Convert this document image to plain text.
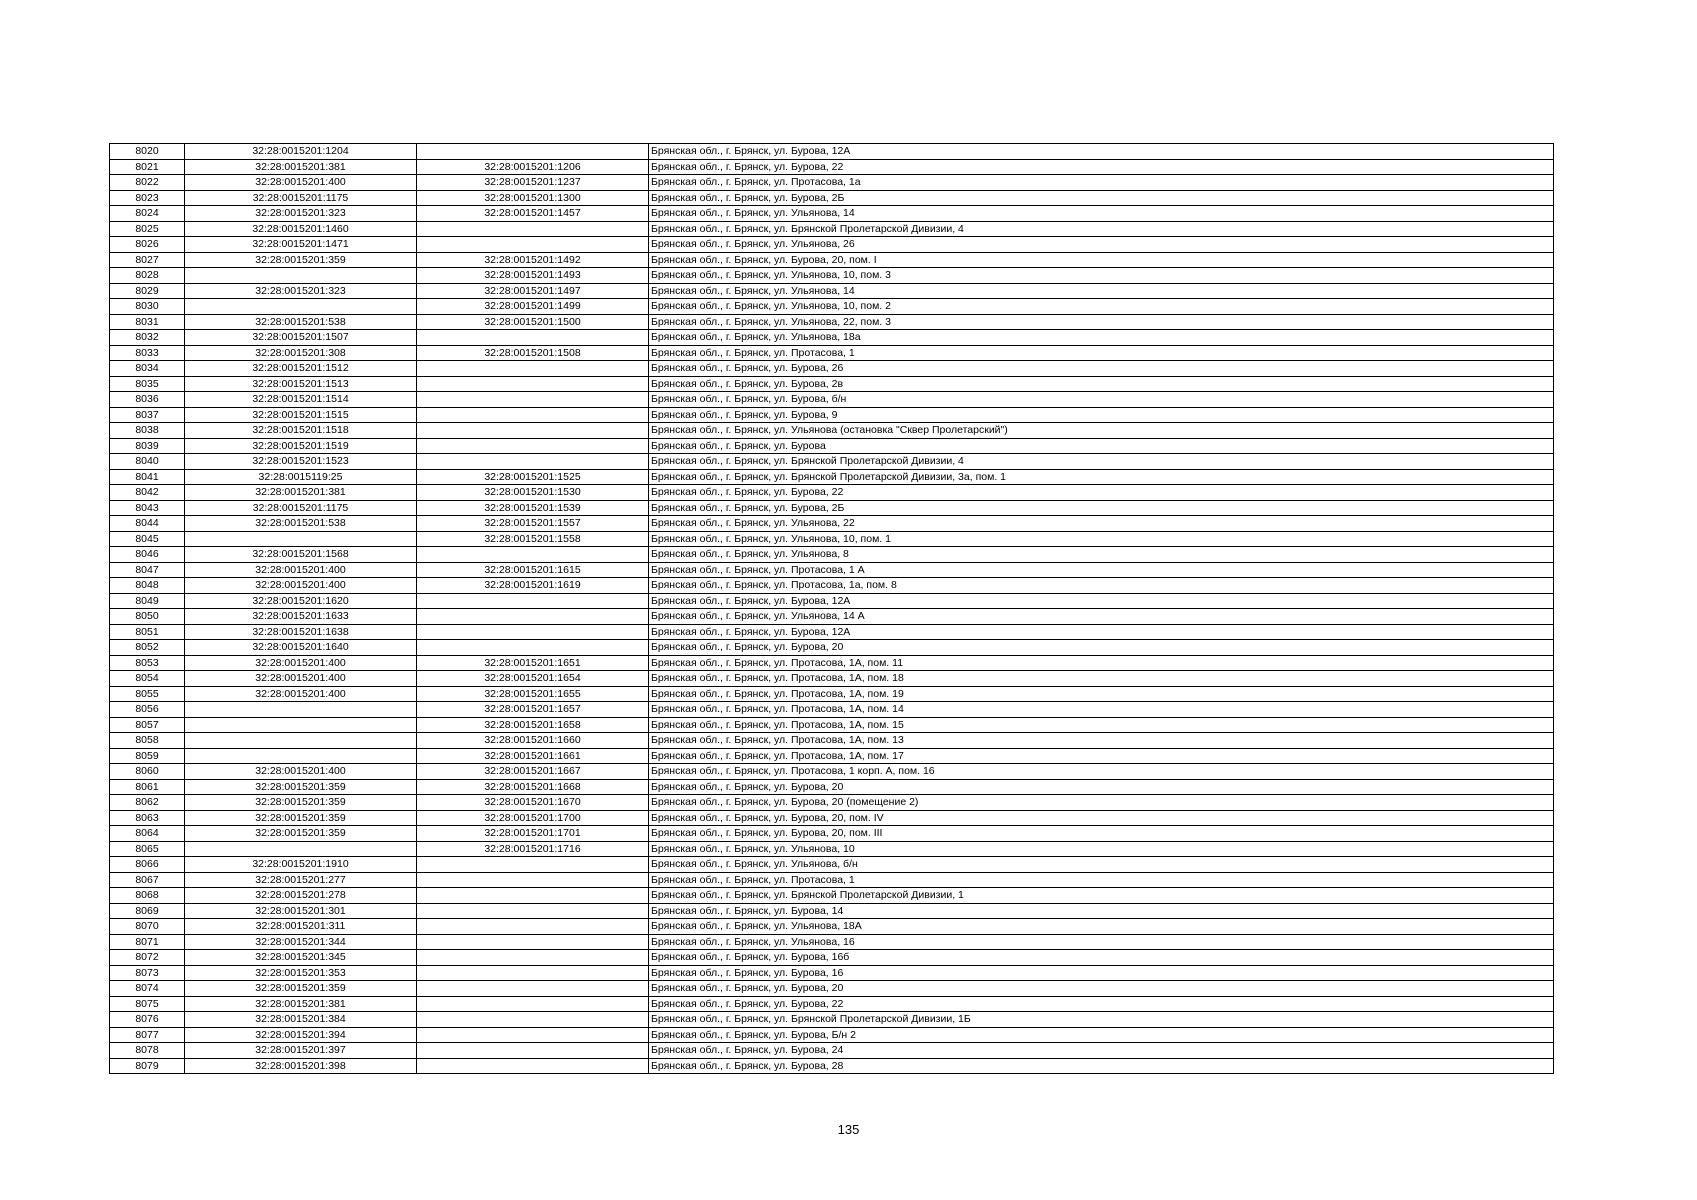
8020	32:28:0015201:1204		Брянская обл., г. Брянск, ул. Бурова, 12А
8021	32:28:0015201:381	32:28:0015201:1206	Брянская обл., г. Брянск, ул. Бурова, 22
8022	32:28:0015201:400	32:28:0015201:1237	Брянская обл., г. Брянск, ул. Протасова, 1а
8023	32:28:0015201:1175	32:28:0015201:1300	Брянская обл., г. Брянск, ул. Бурова, 2Б
8024	32:28:0015201:323	32:28:0015201:1457	Брянская обл., г. Брянск, ул. Ульянова, 14
8025	32:28:0015201:1460		Брянская обл., г. Брянск, ул. Брянской Пролетарской Дивизии, 4
8026	32:28:0015201:1471		Брянская обл., г. Брянск, ул. Ульянова, 26
8027	32:28:0015201:359	32:28:0015201:1492	Брянская обл., г. Брянск, ул. Бурова, 20, пом. I
8028		32:28:0015201:1493	Брянская обл., г. Брянск, ул. Ульянова, 10, пом. 3
8029	32:28:0015201:323	32:28:0015201:1497	Брянская обл., г. Брянск, ул. Ульянова, 14
8030		32:28:0015201:1499	Брянская обл., г. Брянск, ул. Ульянова, 10, пом. 2
8031	32:28:0015201:538	32:28:0015201:1500	Брянская обл., г. Брянск, ул. Ульянова, 22, пом. 3
8032	32:28:0015201:1507		Брянская обл., г. Брянск, ул. Ульянова, 18а
8033	32:28:0015201:308	32:28:0015201:1508	Брянская обл., г. Брянск, ул. Протасова, 1
8034	32:28:0015201:1512		Брянская обл., г. Брянск, ул. Бурова, 26
8035	32:28:0015201:1513		Брянская обл., г. Брянск, ул. Бурова, 2в
8036	32:28:0015201:1514		Брянская обл., г. Брянск, ул. Бурова, б/н
8037	32:28:0015201:1515		Брянская обл., г. Брянск, ул. Бурова, 9
8038	32:28:0015201:1518		Брянская обл., г. Брянск, ул. Ульянова (остановка "Сквер Пролетарский")
8039	32:28:0015201:1519		Брянская обл., г. Брянск, ул. Бурова
8040	32:28:0015201:1523		Брянская обл., г. Брянск, ул. Брянской Пролетарской Дивизии, 4
8041	32:28:0015119:25	32:28:0015201:1525	Брянская обл., г. Брянск, ул. Брянской Пролетарской Дивизии, 3а, пом. 1
8042	32:28:0015201:381	32:28:0015201:1530	Брянская обл., г. Брянск, ул. Бурова, 22
8043	32:28:0015201:1175	32:28:0015201:1539	Брянская обл., г. Брянск, ул. Бурова, 2Б
8044	32:28:0015201:538	32:28:0015201:1557	Брянская обл., г. Брянск, ул. Ульянова, 22
8045		32:28:0015201:1558	Брянская обл., г. Брянск, ул. Ульянова, 10, пом. 1
8046	32:28:0015201:1568		Брянская обл., г. Брянск, ул. Ульянова, 8
8047	32:28:0015201:400	32:28:0015201:1615	Брянская обл., г. Брянск, ул. Протасова, 1 А
8048	32:28:0015201:400	32:28:0015201:1619	Брянская обл., г. Брянск, ул. Протасова, 1а, пом. 8
8049	32:28:0015201:1620		Брянская обл., г. Брянск, ул. Бурова, 12А
8050	32:28:0015201:1633		Брянская обл., г. Брянск, ул. Ульянова, 14 А
8051	32:28:0015201:1638		Брянская обл., г. Брянск, ул. Бурова, 12А
8052	32:28:0015201:1640		Брянская обл., г. Брянск, ул. Бурова, 20
8053	32:28:0015201:400	32:28:0015201:1651	Брянская обл., г. Брянск, ул. Протасова, 1А, пом. 11
8054	32:28:0015201:400	32:28:0015201:1654	Брянская обл., г. Брянск, ул. Протасова, 1А, пом. 18
8055	32:28:0015201:400	32:28:0015201:1655	Брянская обл., г. Брянск, ул. Протасова, 1А, пом. 19
8056		32:28:0015201:1657	Брянская обл., г. Брянск, ул. Протасова, 1А, пом. 14
8057		32:28:0015201:1658	Брянская обл., г. Брянск, ул. Протасова, 1А, пом. 15
8058		32:28:0015201:1660	Брянская обл., г. Брянск, ул. Протасова, 1А, пом. 13
8059		32:28:0015201:1661	Брянская обл., г. Брянск, ул. Протасова, 1А, пом. 17
8060	32:28:0015201:400	32:28:0015201:1667	Брянская обл., г. Брянск, ул. Протасова, 1 корп. А, пом. 16
8061	32:28:0015201:359	32:28:0015201:1668	Брянская обл., г. Брянск, ул. Бурова, 20
8062	32:28:0015201:359	32:28:0015201:1670	Брянская обл., г. Брянск, ул. Бурова, 20 (помещение 2)
8063	32:28:0015201:359	32:28:0015201:1700	Брянская обл., г. Брянск, ул. Бурова, 20, пом. IV
8064	32:28:0015201:359	32:28:0015201:1701	Брянская обл., г. Брянск, ул. Бурова, 20, пом. III
8065		32:28:0015201:1716	Брянская обл., г. Брянск, ул. Ульянова, 10
8066	32:28:0015201:1910		Брянская обл., г. Брянск, ул. Ульянова, б/н
8067	32:28:0015201:277		Брянская обл., г. Брянск, ул. Протасова, 1
8068	32:28:0015201:278		Брянская обл., г. Брянск, ул. Брянской Пролетарской Дивизии, 1
8069	32:28:0015201:301		Брянская обл., г. Брянск, ул. Бурова, 14
8070	32:28:0015201:311		Брянская обл., г. Брянск, ул. Ульянова, 18А
8071	32:28:0015201:344		Брянская обл., г. Брянск, ул. Ульянова, 16
8072	32:28:0015201:345		Брянская обл., г. Брянск, ул. Бурова, 16б
8073	32:28:0015201:353		Брянская обл., г. Брянск, ул. Бурова, 16
8074	32:28:0015201:359		Брянская обл., г. Брянск, ул. Бурова, 20
8075	32:28:0015201:381		Брянская обл., г. Брянск, ул. Бурова, 22
8076	32:28:0015201:384		Брянская обл., г. Брянск, ул. Брянской Пролетарской Дивизии, 1Б
8077	32:28:0015201:394		Брянская обл., г. Брянск, ул. Бурова, Б/н 2
8078	32:28:0015201:397		Брянская обл., г. Брянск, ул. Бурова, 24
8079	32:28:0015201:398		Брянская обл., г. Брянск, ул. Бурова, 28
135
